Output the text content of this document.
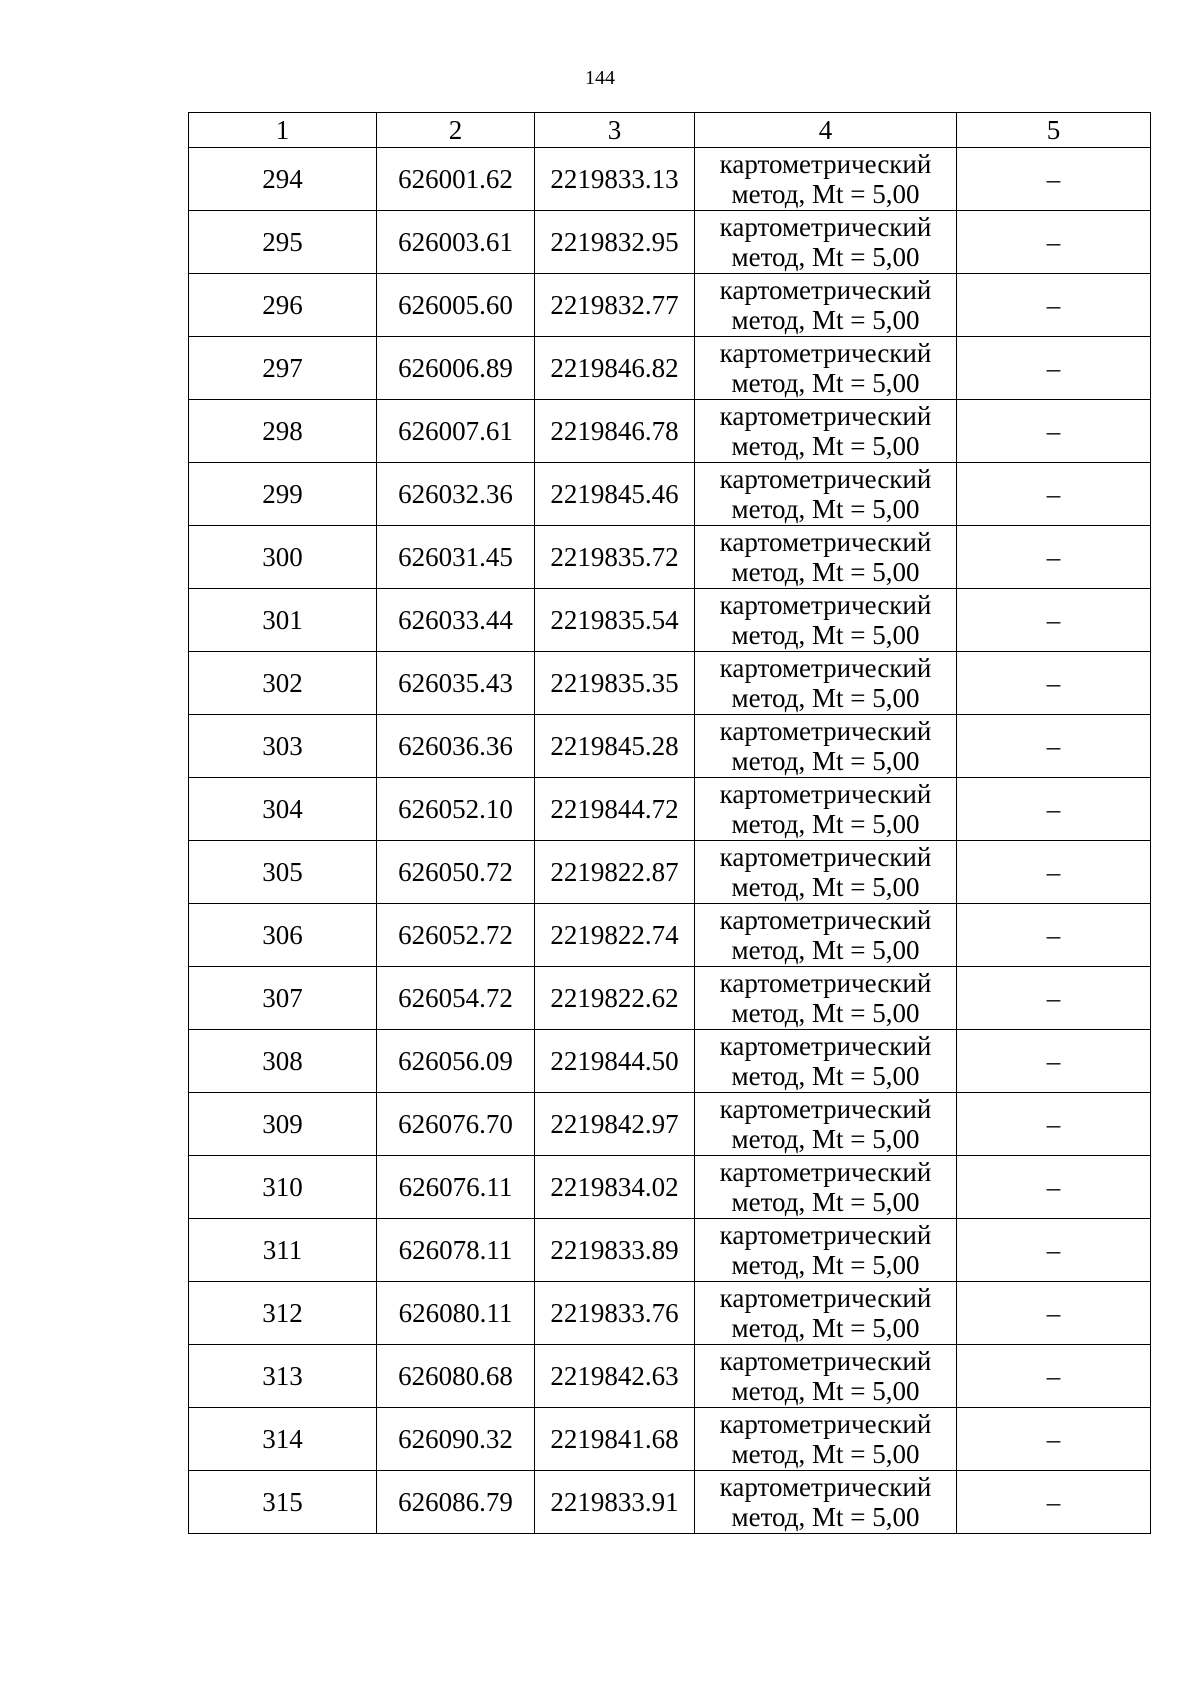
144
1	2	3	4	5
294	626001.62	2219833.13	картометрический
метод, Mt = 5,00	–
295	626003.61	2219832.95	картометрический
метод, Mt = 5,00	–
296	626005.60	2219832.77	картометрический
метод, Mt = 5,00	–
297	626006.89	2219846.82	картометрический
метод, Mt = 5,00	–
298	626007.61	2219846.78	картометрический
метод, Mt = 5,00	–
299	626032.36	2219845.46	картометрический
метод, Mt = 5,00	–
300	626031.45	2219835.72	картометрический
метод, Mt = 5,00	–
301	626033.44	2219835.54	картометрический
метод, Mt = 5,00	–
302	626035.43	2219835.35	картометрический
метод, Mt = 5,00	–
303	626036.36	2219845.28	картометрический
метод, Mt = 5,00	–
304	626052.10	2219844.72	картометрический
метод, Mt = 5,00	–
305	626050.72	2219822.87	картометрический
метод, Mt = 5,00	–
306	626052.72	2219822.74	картометрический
метод, Mt = 5,00	–
307	626054.72	2219822.62	картометрический
метод, Mt = 5,00	–
308	626056.09	2219844.50	картометрический
метод, Mt = 5,00	–
309	626076.70	2219842.97	картометрический
метод, Mt = 5,00	–
310	626076.11	2219834.02	картометрический
метод, Mt = 5,00	–
311	626078.11	2219833.89	картометрический
метод, Mt = 5,00	–
312	626080.11	2219833.76	картометрический
метод, Mt = 5,00	–
313	626080.68	2219842.63	картометрический
метод, Mt = 5,00	–
314	626090.32	2219841.68	картометрический
метод, Mt = 5,00	–
315	626086.79	2219833.91	картометрический
метод, Mt = 5,00	–
